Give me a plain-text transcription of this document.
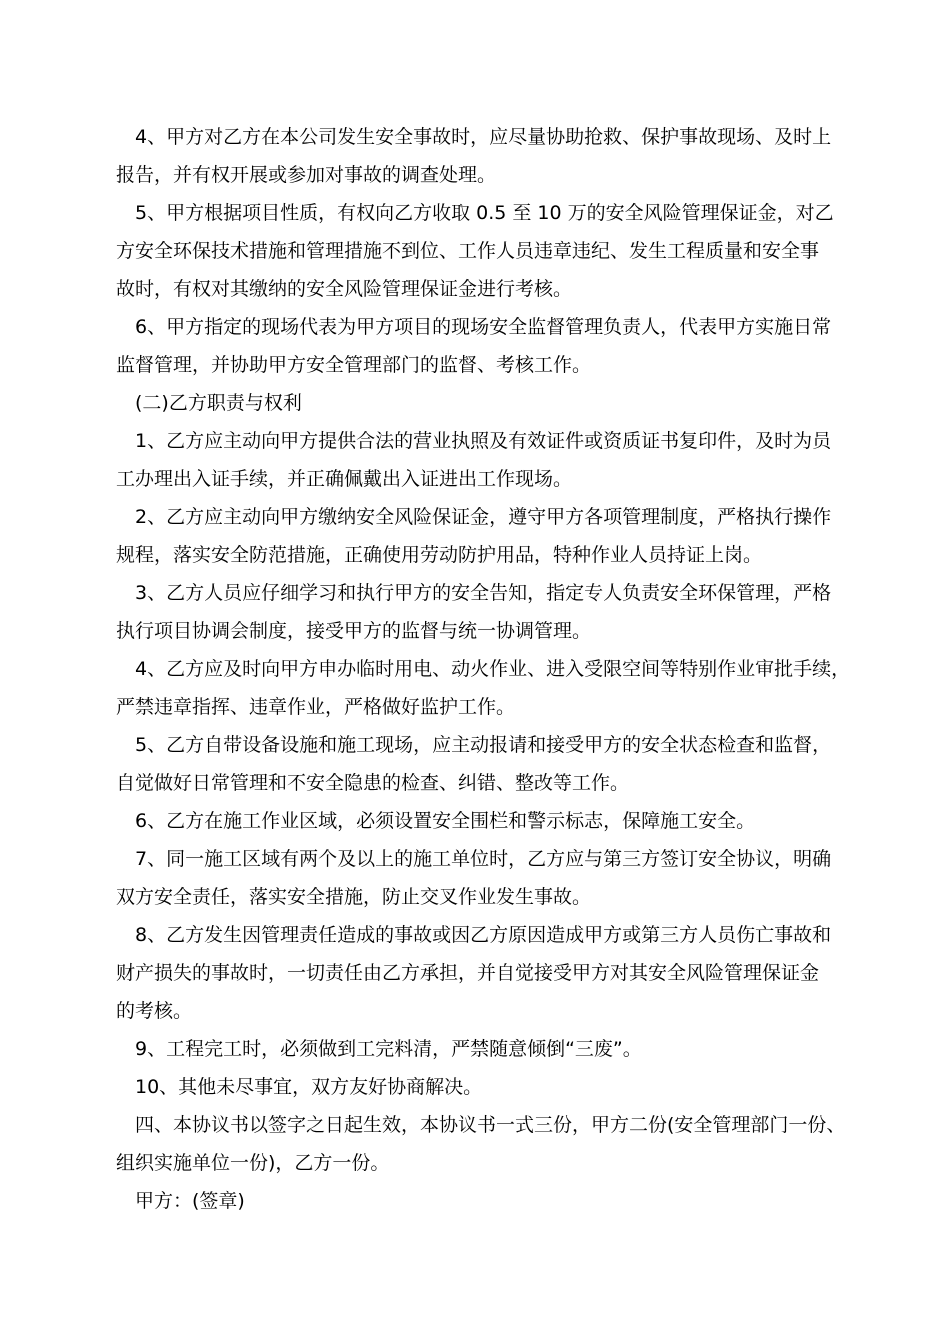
4、甲方对乙方在本公司发生安全事故时，应尽量协助抢救、保护事故现场、及时上
报告，并有权开展或参加对事故的调查处理。

5、甲方根据项目性质，有权向乙方收取 0.5 至 10 万的安全风险管理保证金，对乙
方安全环保技术措施和管理措施不到位、工作人员违章违纪、发生工程质量和安全事
故时，有权对其缴纳的安全风险管理保证金进行考核。

6、甲方指定的现场代表为甲方项目的现场安全监督管理负责人，代表甲方实施日常
监督管理，并协助甲方安全管理部门的监督、考核工作。

(二)乙方职责与权利

1、乙方应主动向甲方提供合法的营业执照及有效证件或资质证书复印件，及时为员
工办理出入证手续，并正确佩戴出入证进出工作现场。

2、乙方应主动向甲方缴纳安全风险保证金，遵守甲方各项管理制度，严格执行操作
规程，落实安全防范措施，正确使用劳动防护用品，特种作业人员持证上岗。

3、乙方人员应仔细学习和执行甲方的安全告知，指定专人负责安全环保管理，严格
执行项目协调会制度，接受甲方的监督与统一协调管理。

4、乙方应及时向甲方申办临时用电、动火作业、进入受限空间等特别作业审批手续，
严禁违章指挥、违章作业，严格做好监护工作。

5、乙方自带设备设施和施工现场，应主动报请和接受甲方的安全状态检查和监督，
自觉做好日常管理和不安全隐患的检查、纠错、整改等工作。

6、乙方在施工作业区域，必须设置安全围栏和警示标志，保障施工安全。

7、同一施工区域有两个及以上的施工单位时，乙方应与第三方签订安全协议，明确
双方安全责任，落实安全措施，防止交叉作业发生事故。

8、乙方发生因管理责任造成的事故或因乙方原因造成甲方或第三方人员伤亡事故和
财产损失的事故时，一切责任由乙方承担，并自觉接受甲方对其安全风险管理保证金
的考核。

9、工程完工时，必须做到工完料清，严禁随意倾倒“三废”。

10、其他未尽事宜，双方友好协商解决。

四、本协议书以签字之日起生效，本协议书一式三份，甲方二份(安全管理部门一份、
组织实施单位一份)，乙方一份。

甲方：(签章)
